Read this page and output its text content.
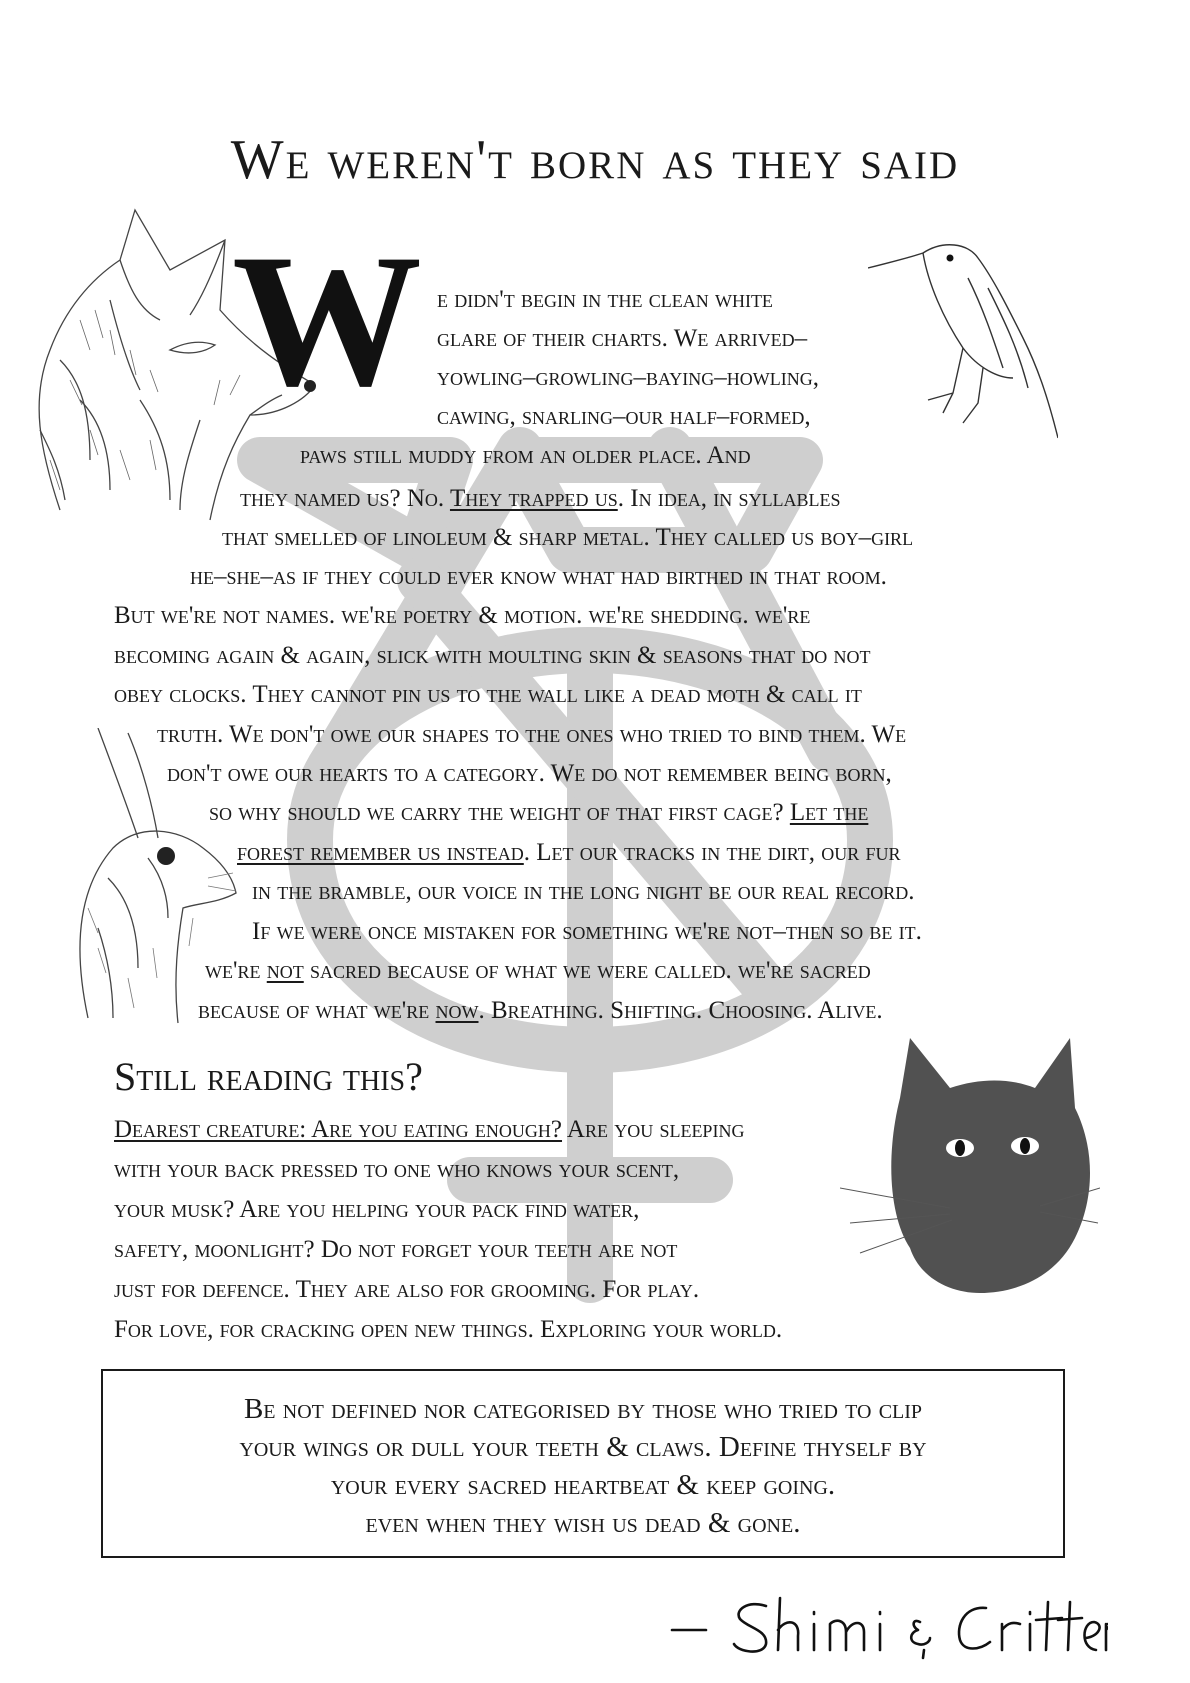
We weren't born as they said
W e didn't begin in the clean white
glare of their charts. We arrived–
yowling–growling–baying–howling,
cawing, snarling–our half–formed,
paws still muddy from an older place. And
they named us? No. They trapped us. In idea, in syllables
that smelled of linoleum & sharp metal. They called us boy–girl
he–she–as if they could ever know what had birthed in that room.
But we're not names. we're poetry & motion. we're shedding. we're
becoming again & again, slick with moulting skin & seasons that do not
obey clocks. They cannot pin us to the wall like a dead moth & call it
truth. We don't owe our shapes to the ones who tried to bind them. We
don't owe our hearts to a category. We do not remember being born,
so why should we carry the weight of that first cage? Let the
forest remember us instead. Let our tracks in the dirt, our fur
in the bramble, our voice in the long night be our real record.
If we were once mistaken for something we're not–then so be it.
we're not sacred because of what we were called. we're sacred
because of what we're now. Breathing. Shifting. Choosing. Alive.
Still reading this?
Dearest creature: Are you eating enough? Are you sleeping
with your back pressed to one who knows your scent,
your musk? Are you helping your pack find water,
safety, moonlight? Do not forget your teeth are not
just for defence. They are also for grooming. For play.
For love, for cracking open new things. Exploring your world.
Be not defined nor categorised by those who tried to clip
your wings or dull your teeth & claws. Define thyself by
your every sacred heartbeat & keep going.
even when they wish us dead & gone.
